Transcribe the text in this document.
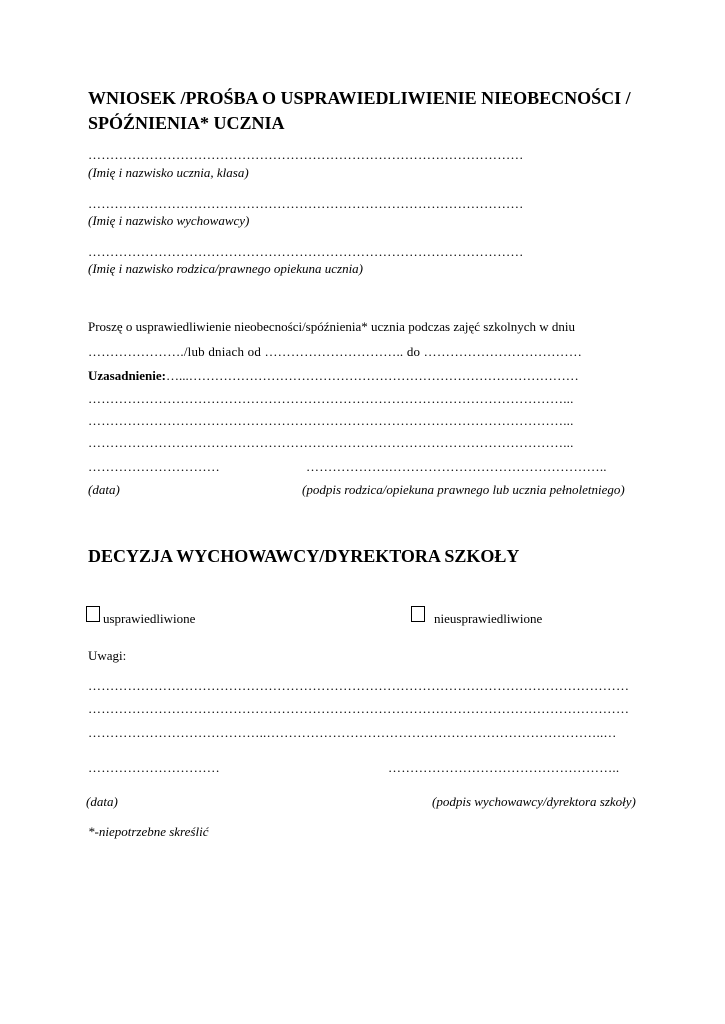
WNIOSEK /PROŚBA O USPRAWIEDLIWIENIE NIEOBECNOŚCI /
SPÓŹNIENIA* UCZNIA
………………………………………………………………………………………
(Imię i nazwisko ucznia, klasa)
………………………………………………………………………………………
(Imię i nazwisko wychowawcy)
………………………………………………………………………………………
(Imię i nazwisko rodzica/prawnego opiekuna ucznia)
Proszę o usprawiedliwienie nieobecności/spóźnienia* ucznia podczas zajęć szkolnych w dniu
…………………./lub dniach od ………………………….. do ………………………………
Uzasadnienie:…...………………………………………………………………………………
………………………………………………………………………………………………...
………………………………………………………………………………………………...
………………………………………………………………………………………………...
…………………………	……………….…………………………………………..
(data)	(podpis rodzica/opiekuna prawnego lub ucznia pełnoletniego)
DECYZJA WYCHOWAWCY/DYREKTORA SZKOŁY
usprawiedliwione	nieusprawiedliwione
Uwagi:
……………………………………………………………………………………………………………
……………………………………………………………………………………………………………
…………………………………..…………………………………………………………………..…
…………………………	……………………………………………..
(data)	(podpis wychowawcy/dyrektora szkoły)
*-niepotrzebne skreślić
